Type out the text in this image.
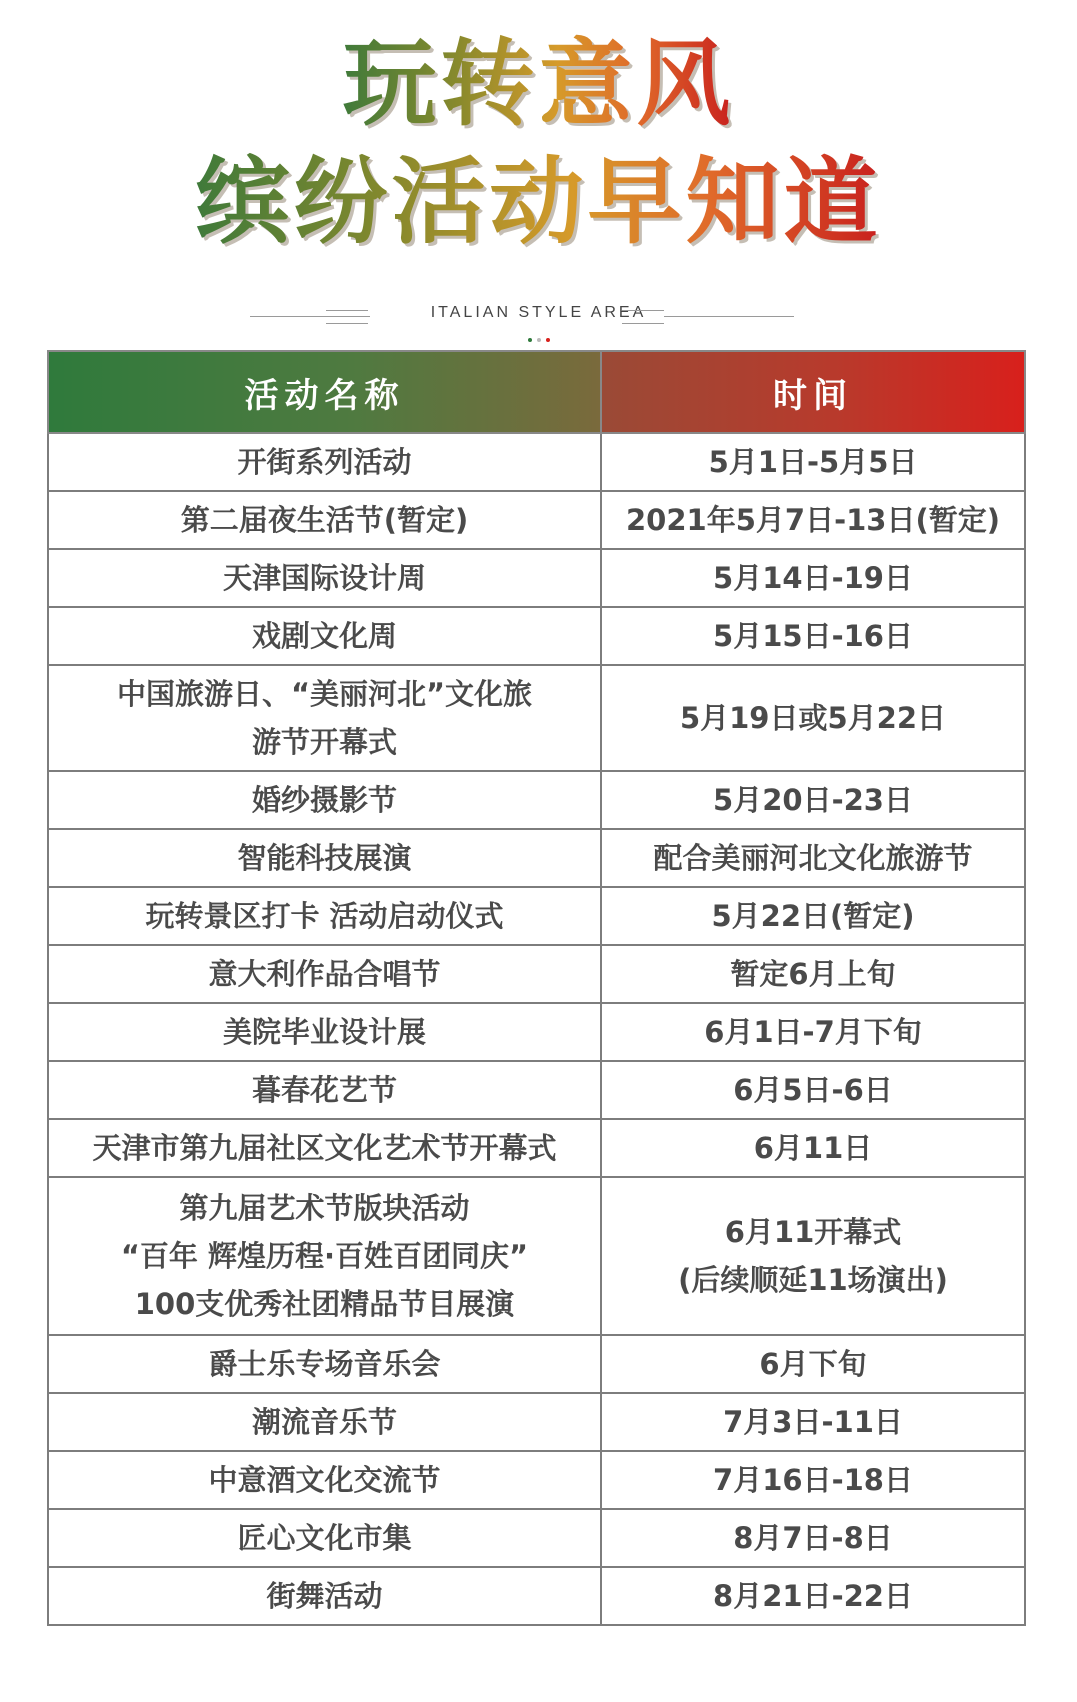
玩转意风
缤纷活动早知道
ITALIAN STYLE AREA
活动名称	时间
开街系列活动	5月1日-5月5日
第二届夜生活节(暂定)	2021年5月7日-13日(暂定)
天津国际设计周	5月14日-19日
戏剧文化周	5月15日-16日
中国旅游日、“美丽河北”文化旅
游节开幕式	5月19日或5月22日
婚纱摄影节	5月20日-23日
智能科技展演	配合美丽河北文化旅游节
玩转景区打卡 活动启动仪式	5月22日(暂定)
意大利作品合唱节	暂定6月上旬
美院毕业设计展	6月1日-7月下旬
暮春花艺节	6月5日-6日
天津市第九届社区文化艺术节开幕式	6月11日
第九届艺术节版块活动
“百年 辉煌历程·百姓百团同庆”
100支优秀社团精品节目展演	6月11开幕式
(后续顺延11场演出)
爵士乐专场音乐会	6月下旬
潮流音乐节	7月3日-11日
中意酒文化交流节	7月16日-18日
匠心文化市集	8月7日-8日
街舞活动	8月21日-22日
